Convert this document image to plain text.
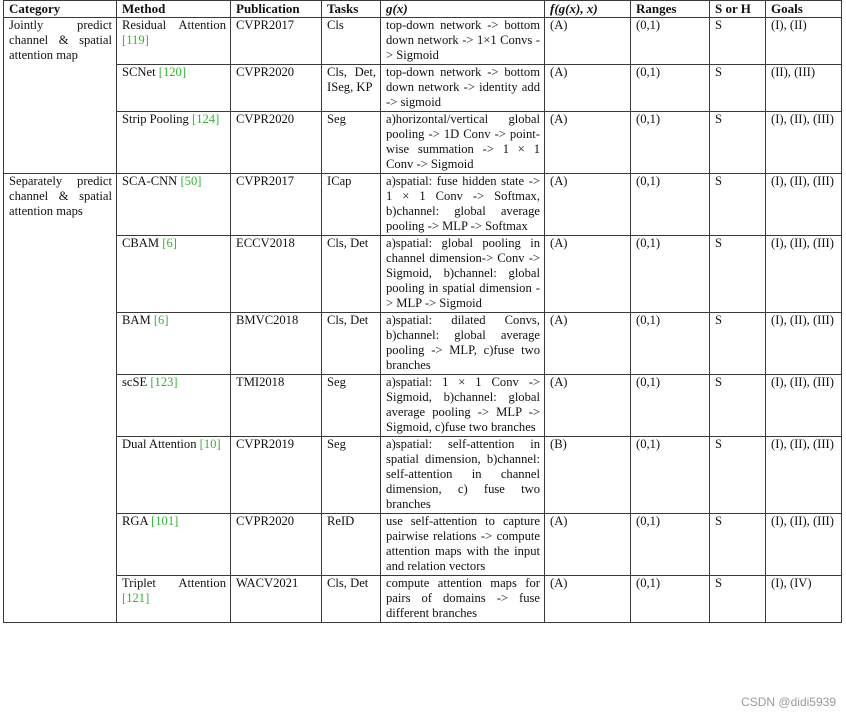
Category	Method	Publication	Tasks	g(x)	f(g(x), x)	Ranges	S or H	Goals
Jointly predict channel & spatial attention map	Residual Attention [119]	CVPR2017	Cls	top-down network -> bottom down network -> 1×1 Convs -> Sigmoid	(A)	(0,1)	S	(I), (II)
	SCNet [120]	CVPR2020	Cls, Det, ISeg, KP	top-down network -> bottom down network -> identity add -> sigmoid	(A)	(0,1)	S	(II), (III)
	Strip Pooling [124]	CVPR2020	Seg	a)horizontal/vertical global pooling -> 1D Conv -> point-wise summation -> 1 × 1 Conv -> Sigmoid	(A)	(0,1)	S	(I), (II), (III)
Separately predict channel & spatial attention maps	SCA-CNN [50]	CVPR2017	ICap	a)spatial: fuse hidden state -> 1 × 1 Conv -> Softmax, b)channel: global average pooling -> MLP -> Softmax	(A)	(0,1)	S	(I), (II), (III)
	CBAM [6]	ECCV2018	Cls, Det	a)spatial: global pooling in channel dimension-> Conv -> Sigmoid, b)channel: global pooling in spatial dimension -> MLP -> Sigmoid	(A)	(0,1)	S	(I), (II), (III)
	BAM [6]	BMVC2018	Cls, Det	a)spatial: dilated Convs, b)channel: global average pooling -> MLP, c)fuse two branches	(A)	(0,1)	S	(I), (II), (III)
	scSE [123]	TMI2018	Seg	a)spatial: 1 × 1 Conv -> Sigmoid, b)channel: global average pooling -> MLP -> Sigmoid, c)fuse two branches	(A)	(0,1)	S	(I), (II), (III)
	Dual Attention [10]	CVPR2019	Seg	a)spatial: self-attention in spatial dimension, b)channel: self-attention in channel dimension, c) fuse two branches	(B)	(0,1)	S	(I), (II), (III)
	RGA [101]	CVPR2020	ReID	use self-attention to capture pairwise relations -> compute attention maps with the input and relation vectors	(A)	(0,1)	S	(I), (II), (III)
	Triplet Attention [121]	WACV2021	Cls, Det	compute attention maps for pairs of domains -> fuse different branches	(A)	(0,1)	S	(I), (IV)
CSDN @didi5939
